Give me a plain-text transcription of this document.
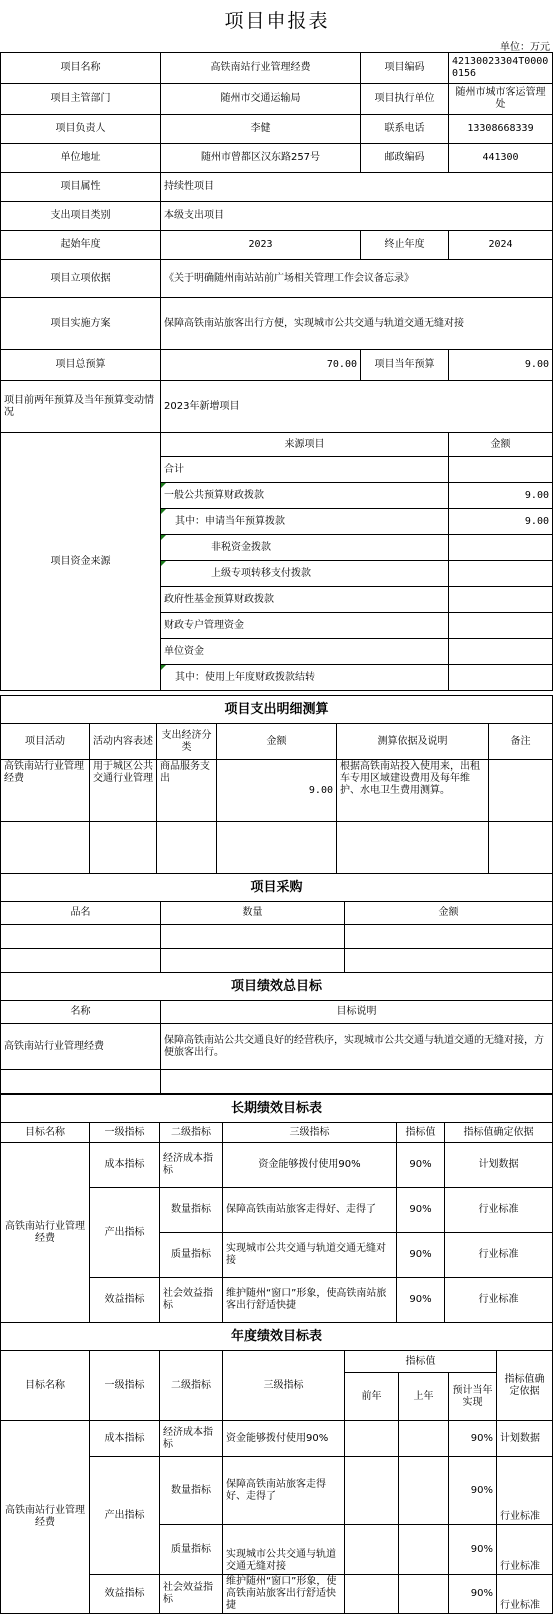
项目申报表
单位：万元
项目名称	高铁南站行业管理经费	项目编码	42130023304T00000156
项目主管部门	随州市交通运输局	项目执行单位	随州市城市客运管理处
项目负责人	李健	联系电话	13308668339
单位地址	随州市曾都区汉东路257号	邮政编码	441300
项目属性	持续性项目		
支出项目类别	本级支出项目		
起始年度	2023	终止年度	2024
项目立项依据	《关于明确随州南站站前广场相关管理工作会议备忘录》		
项目实施方案	保障高铁南站旅客出行方便，实现城市公共交通与轨道交通无缝对接		
项目总预算	70.00	项目当年预算	9.00
项目前两年预算及当年预算变动情况	2023年新增项目		
项目资金来源	来源项目		金额
	合计		
	一般公共预算财政拨款		9.00
	其中：申请当年预算拨款		9.00
	非税资金拨款		
	上级专项转移支付拨款		
	政府性基金预算财政拨款		
	财政专户管理资金		
	单位资金		
	其中：使用上年度财政拨款结转		
项目支出明细测算					
项目活动	活动内容表述	支出经济分类	金额	测算依据及说明	备注
高铁南站行业管理经费	用于城区公共交通行业管理	商品服务支出	9.00	根据高铁南站投入使用来，出租车专用区域建设费用及每年维护、水电卫生费用测算。	

项目采购		
品名	数量	金额

项目绩效总目标	
名称	目标说明
高铁南站行业管理经费	保障高铁南站公共交通良好的经营秩序，实现城市公共交通与轨道交通的无缝对接，方便旅客出行。

长期绩效目标表					
目标名称	一级指标	二级指标	三级指标	指标值	指标值确定依据
高铁南站行业管理经费	成本指标	经济成本指标	资金能够拨付使用90%	90%	计划数据
	产出指标	数量指标	保障高铁南站旅客走得好、走得了	90%	行业标准
		质量指标	实现城市公共交通与轨道交通无缝对接	90%	行业标准
	效益指标	社会效益指标	维护随州“窗口”形象，使高铁南站旅客出行舒适快捷	90%	行业标准
年度绩效目标表							
目标名称	一级指标	二级指标	三级指标	指标值			指标值确定依据
				前年	上年	预计当年实现	
高铁南站行业管理经费	成本指标	经济成本指标	资金能够拨付使用90%			90%	计划数据
	产出指标	数量指标	保障高铁南站旅客走得好、走得了			90%	行业标准
		质量指标	实现城市公共交通与轨道交通无缝对接			90%	行业标准
	效益指标	社会效益指标	维护随州“窗口”形象，使高铁南站旅客出行舒适快捷			90%	行业标准
